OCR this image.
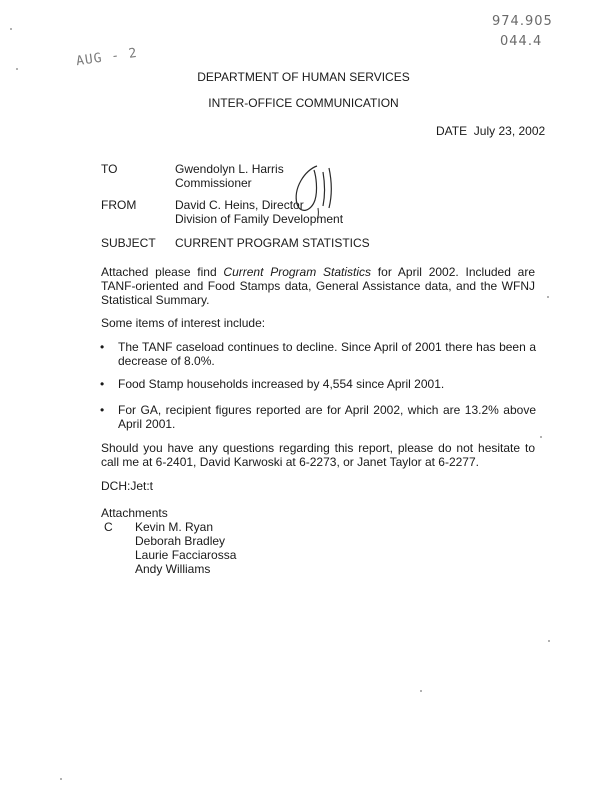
974.905
044.4
AUG - 2
DEPARTMENT OF HUMAN SERVICES
INTER-OFFICE COMMUNICATION
DATE July 23, 2002
TO	Gwendolyn L. Harris
Commissioner
FROM	David C. Heins, Director
Division of Family Development
SUBJECT CURRENT PROGRAM STATISTICS
Attached please find Current Program Statistics for April 2002. Included are TANF-oriented and Food Stamps data, General Assistance data, and the WFNJ Statistical Summary.
Some items of interest include:
• The TANF caseload continues to decline. Since April of 2001 there has been a decrease of 8.0%.
• Food Stamp households increased by 4,554 since April 2001.
• For GA, recipient figures reported are for April 2002, which are 13.2% above April 2001.
Should you have any questions regarding this report, please do not hesitate to call me at 6-2401, David Karwoski at 6-2273, or Janet Taylor at 6-2277.
DCH:Jet:t
Attachments
C Kevin M. Ryan
Deborah Bradley
Laurie Facciarossa
Andy Williams
